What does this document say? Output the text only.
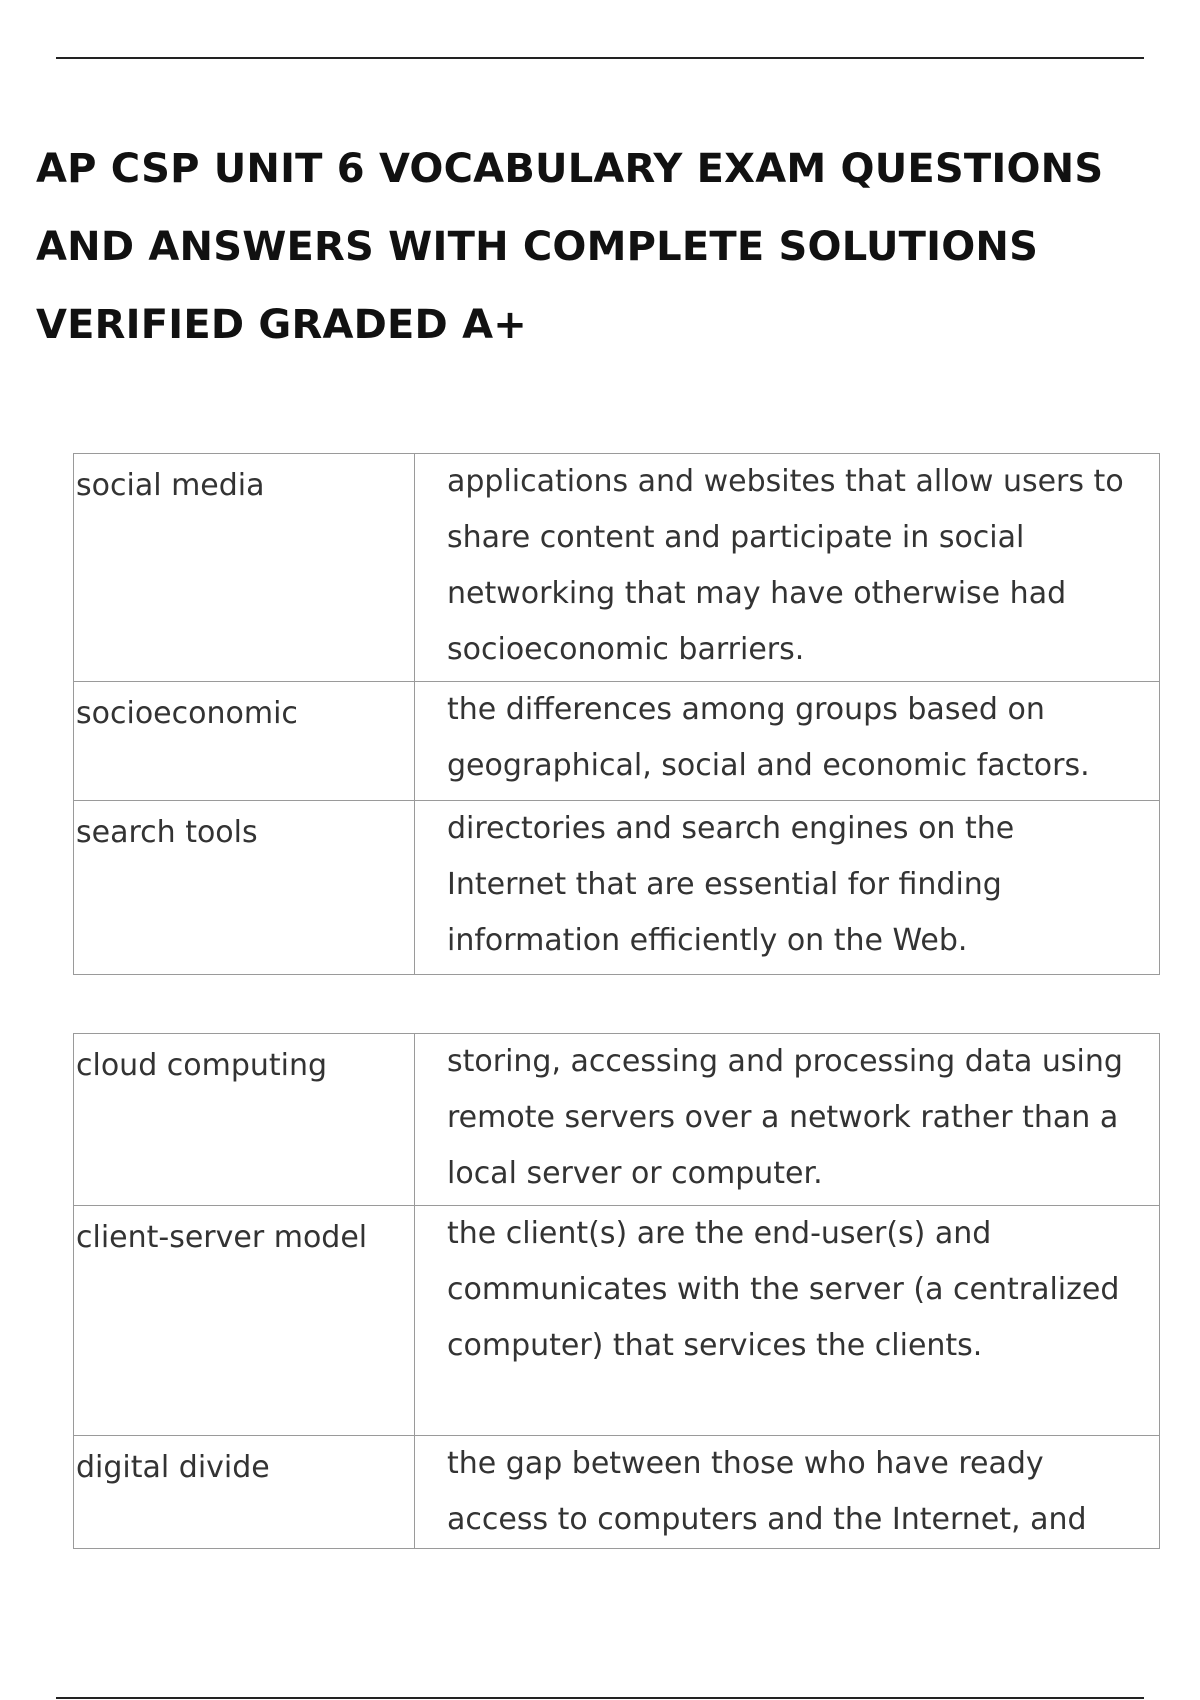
AP CSP UNIT 6 VOCABULARY EXAM QUESTIONS AND ANSWERS WITH COMPLETE SOLUTIONS VERIFIED GRADED A+
social media	applications and websites that allow users to share content and participate in social networking that may have otherwise had socioeconomic barriers.
socioeconomic	the differences among groups based on geographical, social and economic factors.
search tools	directories and search engines on the Internet that are essential for finding information efficiently on the Web.
cloud computing	storing, accessing and processing data using remote servers over a network rather than a local server or computer.
client-server model	the client(s) are the end-user(s) and communicates with the server (a centralized computer) that services the clients.
digital divide	the gap between those who have ready access to computers and the Internet, and
